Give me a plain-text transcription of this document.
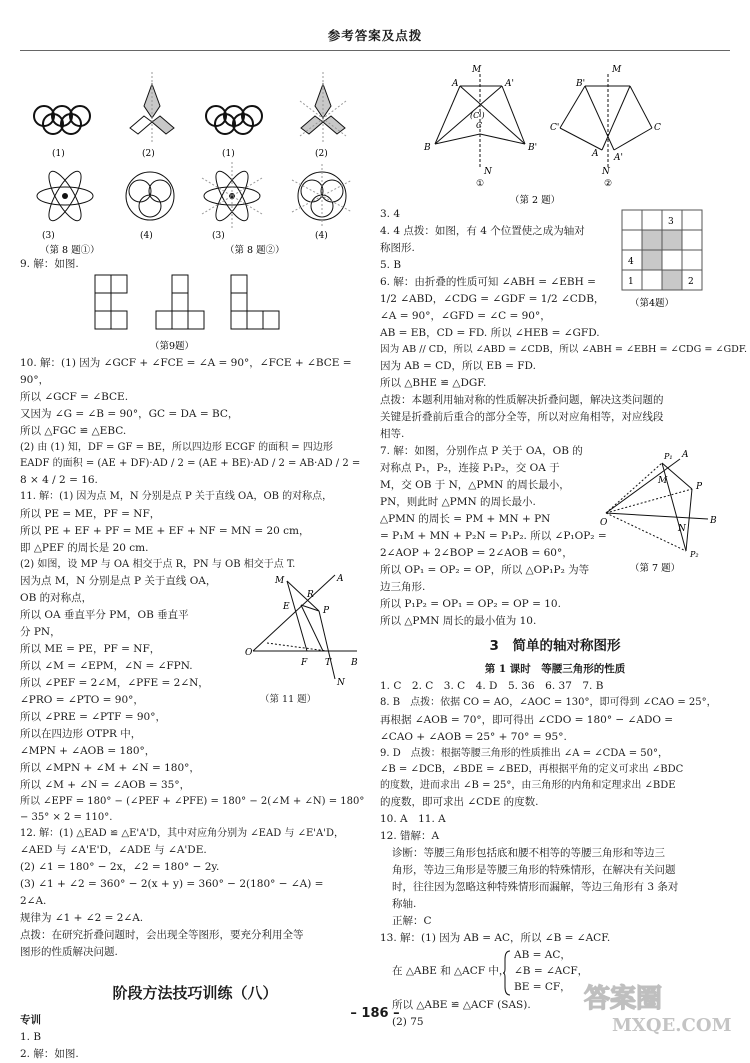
参考答案及点拨
(1)	(2)	(1)	(2)
(3)	(4)	(3)	(4)
（第 8 题①）	（第 8 题②）
9. 解：如图.
（第9题）
10. 解：(1) 因为 ∠GCF + ∠FCE = ∠A = 90°，∠FCE + ∠BCE =
90°，
所以 ∠GCF = ∠BCE.
又因为 ∠G = ∠B = 90°，GC = DA = BC，
所以 △FGC ≌ △EBC.
(2) 由 (1) 知，DF = GF = BE，所以四边形 ECGF 的面积 = 四边形
EADF 的面积 = (AE + DF)·AD / 2 = (AE + BE)·AD / 2 = AB·AD / 2 =
8 × 4 / 2 = 16.
11. 解：(1) 因为点 M，N 分别是点 P 关于直线 OA，OB 的对称点，
所以 PE = ME，PF = NF，
所以 PE + EF + PF = ME + EF + NF = MN = 20 cm，
即 △PEF 的周长是 20 cm.
(2) 如图，设 MP 与 OA 相交于点 R，PN 与 OB 相交于点 T.
M
E
R
P
A
O
F T B
N
因为点 M，N 分别是点 P 关于直线 OA，
OB 的对称点，
所以 OA 垂直平分 PM，OB 垂直平
分 PN，
所以 ME = PE，PF = NF，
所以 ∠M = ∠EPM，∠N = ∠FPN.
所以 ∠PEF = 2∠M，∠PFE = 2∠N，
（第 11 题）
∠PRO = ∠PTO = 90°，
所以 ∠PRE = ∠PTF = 90°，
所以在四边形 OTPR 中，
∠MPN + ∠AOB = 180°，
所以 ∠MPN + ∠M + ∠N = 180°，
所以 ∠M + ∠N = ∠AOB = 35°，
所以 ∠EPF = 180° − (∠PEF + ∠PFE) = 180° − 2(∠M + ∠N) = 180° − 35° × 2 = 110°.
12. 解：(1) △EAD ≌ △E'A'D，其中对应角分别为 ∠EAD 与 ∠E'A'D，
∠AED 与 ∠A'E'D，∠ADE 与 ∠A'DE.
(2) ∠1 = 180° − 2x，∠2 = 180° − 2y.
(3) ∠1 + ∠2 = 360° − 2(x + y) = 360° − 2(180° − ∠A) =
2∠A.
规律为 ∠1 + ∠2 = 2∠A.
点拨：在研究折叠问题时，会出现全等图形，要充分利用全等
图形的性质解决问题.
阶段方法技巧训练（八）
专训
1. B
2. 解：如图.
M
N
A
B
C
(C')
A'
B'
M
B'
C'	C
A A'
N
①	②
（第 2 题）
3
4
1	2
（第4题）
3. 4
4. 4 点拨：如图，有 4 个位置使之成为轴对
称图形.
5. B
6. 解：由折叠的性质可知 ∠ABH = ∠EBH =
1/2 ∠ABD，∠CDG = ∠GDF = 1/2 ∠CDB，
∠A = 90°，∠GFD = ∠C = 90°，
AB = EB，CD = FD. 所以 ∠HEB = ∠GFD.
因为 AB // CD，所以 ∠ABD = ∠CDB，所以 ∠ABH = ∠EBH = ∠CDG = ∠GDF.
因为 AB = CD，所以 EB = FD.
所以 △BHE ≌ △DGF.
点拨：本题利用轴对称的性质解决折叠问题，解决这类问题的
关键是折叠前后重合的部分全等，所以对应角相等，对应线段
相等.
P
A
M
O
N
B
P₁
P₂
（第 7 题）
7. 解：如图，分别作点 P 关于 OA，OB 的
对称点 P₁，P₂，连接 P₁P₂，交 OA 于
M，交 OB 于 N，△PMN 的周长最小，
PN，则此时 △PMN 的周长最小.
△PMN 的周长 = PM + MN + PN
= P₁M + MN + P₂N = P₁P₂. 所以 ∠P₁OP₂ =
2∠AOP + 2∠BOP = 2∠AOB = 60°，
所以 OP₁ = OP₂ = OP，所以 △OP₁P₂ 为等
边三角形.
所以 P₁P₂ = OP₁ = OP₂ = OP = 10.
所以 △PMN 周长的最小值为 10.
3　简单的轴对称图形
第 1 课时　等腰三角形的性质
1. C　2. C　3. C　4. D　5. 36　6. 37　7. B
8. B　点拨：依据 CO = AO，∠AOC = 130°，即可得到 ∠CAO = 25°，
再根据 ∠AOB = 70°，即可得出 ∠CDO = 180° − ∠ADO =
∠CAO + ∠AOB = 25° + 70° = 95°.
9. D　点拨：根据等腰三角形的性质推出 ∠A = ∠CDA = 50°，
∠B = ∠DCB，∠BDE = ∠BED，再根据平角的定义可求出 ∠BDC
的度数，进而求出 ∠B = 25°，由三角形的内角和定理求出 ∠BDE
的度数，即可求出 ∠CDE 的度数.
10. A　11. A
12. 错解：A
诊断：等腰三角形包括底和腰不相等的等腰三角形和等边三
角形，等边三角形是等腰三角形的特殊情形，在解决有关问题
时，往往因为忽略这种特殊情形而漏解，等边三角形有 3 条对
称轴.
正解：C
13. 解：(1) 因为 AB = AC，所以 ∠B = ∠ACF.
在 △ABE 和 △ACF 中，
AB = AC，
∠B = ∠ACF，
BE = CF，
所以 △ABE ≌ △ACF (SAS).
(2) 75
– 186 –	答案圈
MXQE.COM
